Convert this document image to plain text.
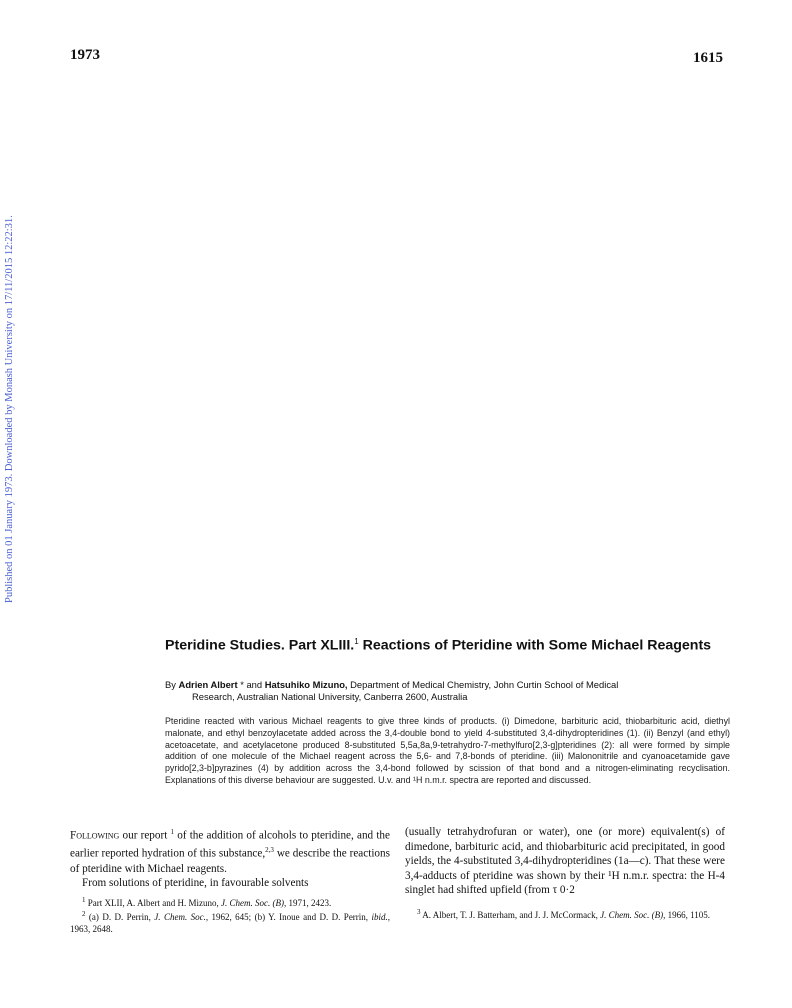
1973	1615
Published on 01 January 1973. Downloaded by Monash University on 17/11/2015 12:22:31.
Pteridine Studies. Part XLIII.$^1$ Reactions of Pteridine with Some Michael Reagents
By Adrien Albert * and Hatsuhiko Mizuno, Department of Medical Chemistry, John Curtin School of Medical
Research, Australian National University, Canberra 2600, Australia
Pteridine reacted with various Michael reagents to give three kinds of products. (i) Dimedone, barbituric acid, thiobarbituric acid, diethyl malonate, and ethyl benzoylacetate added across the 3,4-double bond to yield 4-substituted 3,4-dihydropteridines (1). (ii) Benzyl (and ethyl) acetoacetate, and acetylacetone produced 8-substituted 5,5a,8a,9-tetrahydro-7-methylfuro[2,3-g]pteridines (2): all were formed by simple addition of one molecule of the Michael reagent across the 5,6- and 7,8-bonds of pteridine. (iii) Malononitrile and cyanoacetamide gave pyrido[2,3-b]pyrazines (4) by addition across the 3,4-bond followed by scission of that bond and a nitrogen-eliminating recyclisation. Explanations of this diverse behaviour are suggested. U.v. and ¹H n.m.r. spectra are reported and discussed.

Following our report $^1$ of the addition of alcohols to pteridine, and the earlier reported hydration of this substance,$^{2,3}$ we describe the reactions of pteridine with Michael reagents.

From solutions of pteridine, in favourable solvents

$^1$ Part XLII, A. Albert and H. Mizuno, J. Chem. Soc. (B), 1971, 2423.

$^2$ (a) D. D. Perrin, J. Chem. Soc., 1962, 645; (b) Y. Inoue and D. D. Perrin, ibid., 1963, 2648.

(usually tetrahydrofuran or water), one (or more) equivalent(s) of dimedone, barbituric acid, and thiobarbituric acid precipitated, in good yields, the 4-substituted 3,4-dihydropteridines (1a—c). That these were 3,4-adducts of pteridine was shown by their ¹H n.m.r. spectra: the H-4 singlet had shifted upfield (from τ 0·2

$^3$ A. Albert, T. J. Batterham, and J. J. McCormack, J. Chem. Soc. (B), 1966, 1105.
